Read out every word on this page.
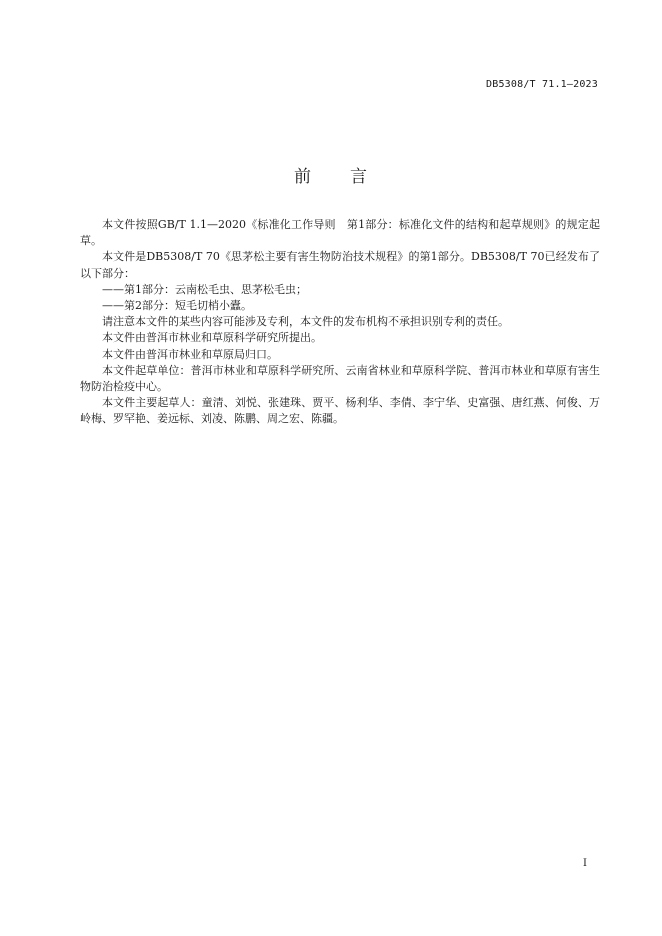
DB5308/T 71.1—2023
前 言

本文件按照GB/T 1.1—2020《标准化工作导则　第1部分：标准化文件的结构和起草规则》的规定起草。

本文件是DB5308/T 70《思茅松主要有害生物防治技术规程》的第1部分。DB5308/T 70已经发布了以下部分：

——第1部分：云南松毛虫、思茅松毛虫；

——第2部分：短毛切梢小蠹。

请注意本文件的某些内容可能涉及专利，本文件的发布机构不承担识别专利的责任。

本文件由普洱市林业和草原科学研究所提出。

本文件由普洱市林业和草原局归口。

本文件起草单位：普洱市林业和草原科学研究所、云南省林业和草原科学院、普洱市林业和草原有害生物防治检疫中心。

本文件主要起草人：童清、刘悦、张建珠、贾平、杨利华、李倩、李宁华、史富强、唐红燕、何俊、万岭梅、罗罕艳、姜远标、刘凌、陈鹏、周之宏、陈疆。

I
